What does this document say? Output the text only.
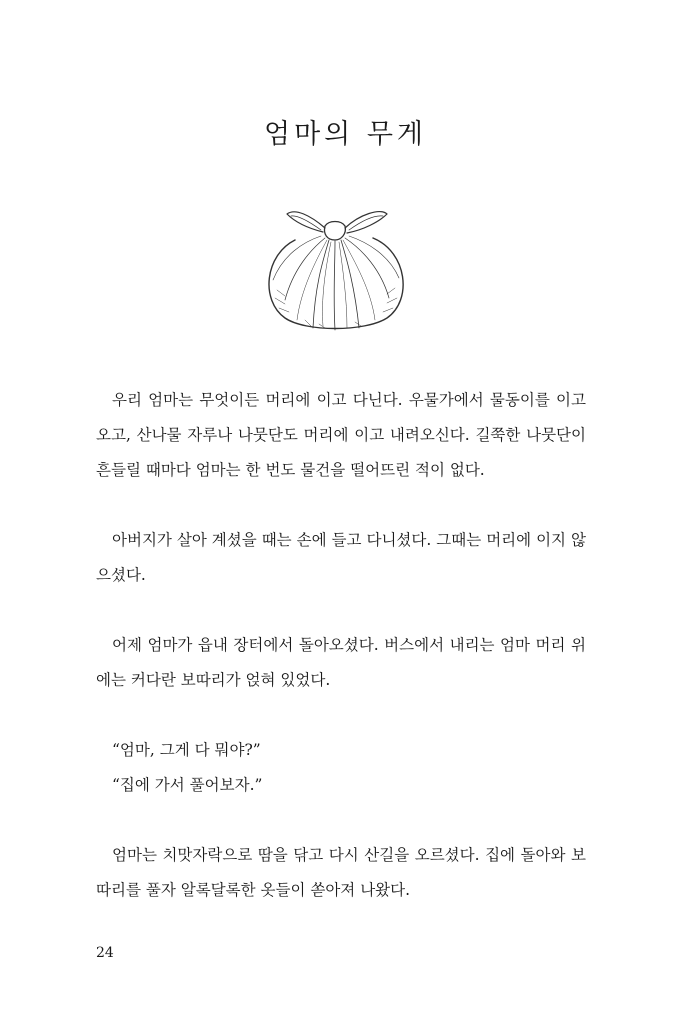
엄마의 무게

우리 엄마는 무엇이든 머리에 이고 다닌다. 우물가에서 물동이를 이고 오고, 산나물 자루나 나뭇단도 머리에 이고 내려오신다. 길쭉한 나뭇단이 흔들릴 때마다 엄마는 한 번도 물건을 떨어뜨린 적이 없다.

아버지가 살아 계셨을 때는 손에 들고 다니셨다. 그때는 머리에 이지 않으셨다.

어제 엄마가 읍내 장터에서 돌아오셨다. 버스에서 내리는 엄마 머리 위에는 커다란 보따리가 얹혀 있었다.

“엄마, 그게 다 뭐야?”

“집에 가서 풀어보자.”

엄마는 치맛자락으로 땀을 닦고 다시 산길을 오르셨다. 집에 돌아와 보따리를 풀자 알록달록한 옷들이 쏟아져 나왔다.

24
